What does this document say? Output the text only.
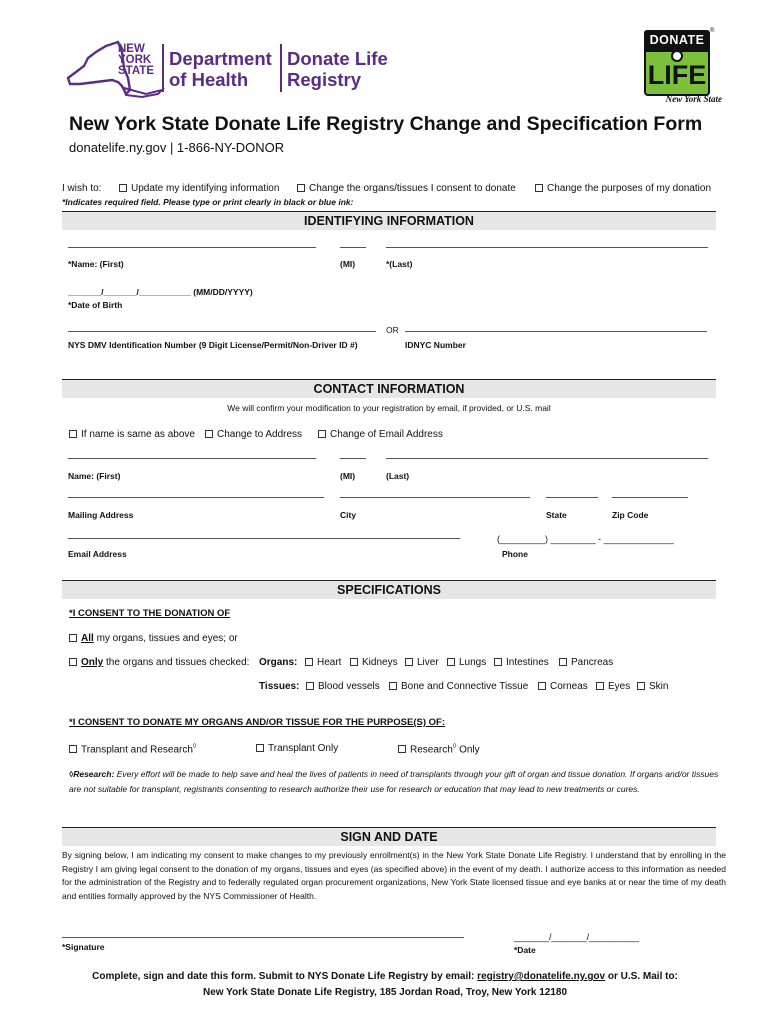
NEW
YORK
STATE
Department
of Health
Donate Life
Registry
DONATE
LIFE
New York State
®
New York State Donate Life Registry Change and Specification Form
donatelife.ny.gov | 1-866-NY-DONOR
I wish to:	Update my identifying information	Change the organs/tissues I consent to donate	Change the purposes of my donation
*Indicates required field. Please type or print clearly in black or blue ink:
IDENTIFYING INFORMATION
*Name: (First)	(MI)	*(Last)
_______/_______/___________ (MM/DD/YYYY)
*Date of Birth
OR
NYS DMV Identification Number (9 Digit License/Permit/Non-Driver ID #)	IDNYC Number
CONTACT INFORMATION
We will confirm your modification to your registration by email, if provided, or U.S. mail
If name is same as above	Change to Address	Change of Email Address
Name: (First)	(MI)	(Last)
Mailing Address	City	State	Zip Code
(_________) _________ - ______________
Email Address	Phone
SPECIFICATIONS
*I CONSENT TO THE DONATION OF
All my organs, tissues and eyes; or
Only the organs and tissues checked: Organs:	Heart	Kidneys	Liver	Lungs	Intestines	Pancreas
Tissues:	Blood vessels	Bone and Connective Tissue	Corneas	Eyes	Skin
*I CONSENT TO DONATE MY ORGANS AND/OR TISSUE FOR THE PURPOSE(S) OF:
Transplant and Research◊	Transplant Only	Research◊ Only
◊Research: Every effort will be made to help save and heal the lives of patients in need of transplants through your gift of organ and tissue donation. If organs and/or tissues are not suitable for transplant, registrants consenting to research authorize their use for research or education that may lead to new treatments or cures.
SIGN AND DATE
By signing below, I am indicating my consent to make changes to my previously enrollment(s) in the New York State Donate Life Registry. I understand that by enrolling in the Registry I am giving legal consent to the donation of my organs, tissues and eyes (as specified above) in the event of my death. I authorize access to this information as needed for the administration of the Registry and to federally regulated organ procurement organizations, New York State licensed tissue and eye banks at or near the time of my death and entities formally approved by the NYS Commissioner of Health.
*Signature
_______/_______/__________
*Date
Complete, sign and date this form. Submit to NYS Donate Life Registry by email: registry@donatelife.ny.gov or U.S. Mail to:
New York State Donate Life Registry, 185 Jordan Road, Troy, New York 12180
